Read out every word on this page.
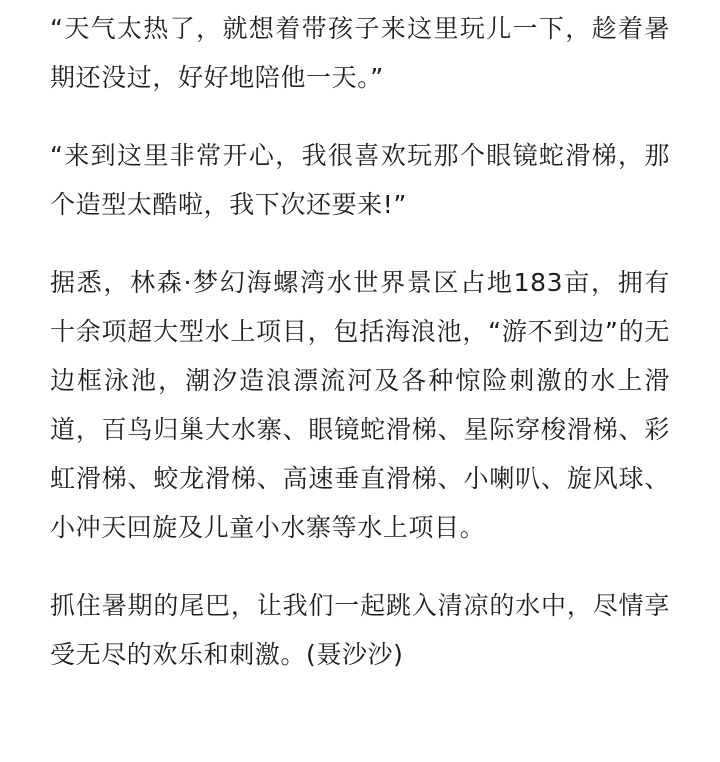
“天气太热了，就想着带孩子来这里玩儿一下，趁着暑期还没过，好好地陪他一天。”

“来到这里非常开心，我很喜欢玩那个眼镜蛇滑梯，那个造型太酷啦，我下次还要来!”

据悉，林森·梦幻海螺湾水世界景区占地183亩，拥有十余项超大型水上项目，包括海浪池，“游不到边”的无边框泳池，潮汐造浪漂流河及各种惊险刺激的水上滑道，百鸟归巢大水寨、眼镜蛇滑梯、星际穿梭滑梯、彩虹滑梯、蛟龙滑梯、高速垂直滑梯、小喇叭、旋风球、小冲天回旋及儿童小水寨等水上项目。

抓住暑期的尾巴，让我们一起跳入清凉的水中，尽情享受无尽的欢乐和刺激。(聂沙沙)
